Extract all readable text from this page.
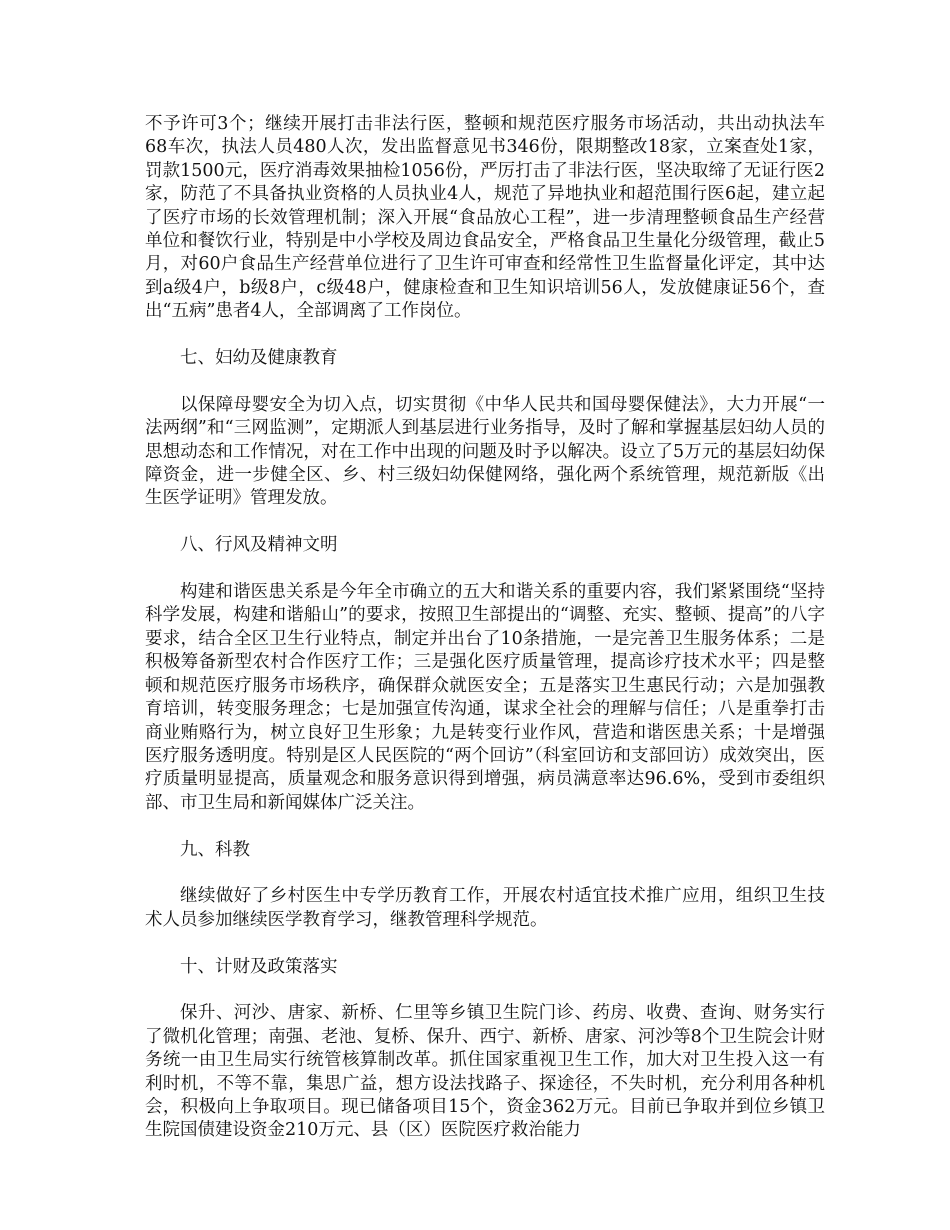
不予许可3个；继续开展打击非法行医，整顿和规范医疗服务市场活动，共出动执法车68车次，执法人员480人次，发出监督意见书346份，限期整改18家，立案查处1家，罚款1500元，医疗消毒效果抽检1056份，严厉打击了非法行医，坚决取缔了无证行医2家，防范了不具备执业资格的人员执业4人，规范了异地执业和超范围行医6起，建立起了医疗市场的长效管理机制；深入开展“食品放心工程”，进一步清理整顿食品生产经营单位和餐饮行业，特别是中小学校及周边食品安全，严格食品卫生量化分级管理，截止5月，对60户食品生产经营单位进行了卫生许可审查和经常性卫生监督量化评定，其中达到a级4户，b级8户，c级48户，健康检查和卫生知识培训56人，发放健康证56个，查出“五病”患者4人，全部调离了工作岗位。

七、妇幼及健康教育

以保障母婴安全为切入点，切实贯彻《中华人民共和国母婴保健法》，大力开展“一法两纲”和“三网监测”，定期派人到基层进行业务指导，及时了解和掌握基层妇幼人员的思想动态和工作情况，对在工作中出现的问题及时予以解决。设立了5万元的基层妇幼保障资金，进一步健全区、乡、村三级妇幼保健网络，强化两个系统管理，规范新版《出生医学证明》管理发放。

八、行风及精神文明

构建和谐医患关系是今年全市确立的五大和谐关系的重要内容，我们紧紧围绕“坚持科学发展，构建和谐船山”的要求，按照卫生部提出的“调整、充实、整顿、提高”的八字要求，结合全区卫生行业特点，制定并出台了10条措施，一是完善卫生服务体系；二是积极筹备新型农村合作医疗工作；三是强化医疗质量管理，提高诊疗技术水平；四是整顿和规范医疗服务市场秩序，确保群众就医安全；五是落实卫生惠民行动；六是加强教育培训，转变服务理念；七是加强宣传沟通，谋求全社会的理解与信任；八是重拳打击商业贿赂行为，树立良好卫生形象；九是转变行业作风，营造和谐医患关系；十是增强医疗服务透明度。特别是区人民医院的“两个回访”（科室回访和支部回访）成效突出，医疗质量明显提高，质量观念和服务意识得到增强，病员满意率达96.6%，受到市委组织部、市卫生局和新闻媒体广泛关注。

九、科教

继续做好了乡村医生中专学历教育工作，开展农村适宜技术推广应用，组织卫生技术人员参加继续医学教育学习，继教管理科学规范。

十、计财及政策落实

保升、河沙、唐家、新桥、仁里等乡镇卫生院门诊、药房、收费、查询、财务实行了微机化管理；南强、老池、复桥、保升、西宁、新桥、唐家、河沙等8个卫生院会计财务统一由卫生局实行统管核算制改革。抓住国家重视卫生工作，加大对卫生投入这一有利时机，不等不靠，集思广益，想方设法找路子、探途径，不失时机，充分利用各种机会，积极向上争取项目。现已储备项目15个，资金362万元。目前已争取并到位乡镇卫生院国债建设资金210万元、县（区）医院医疗救治能力
